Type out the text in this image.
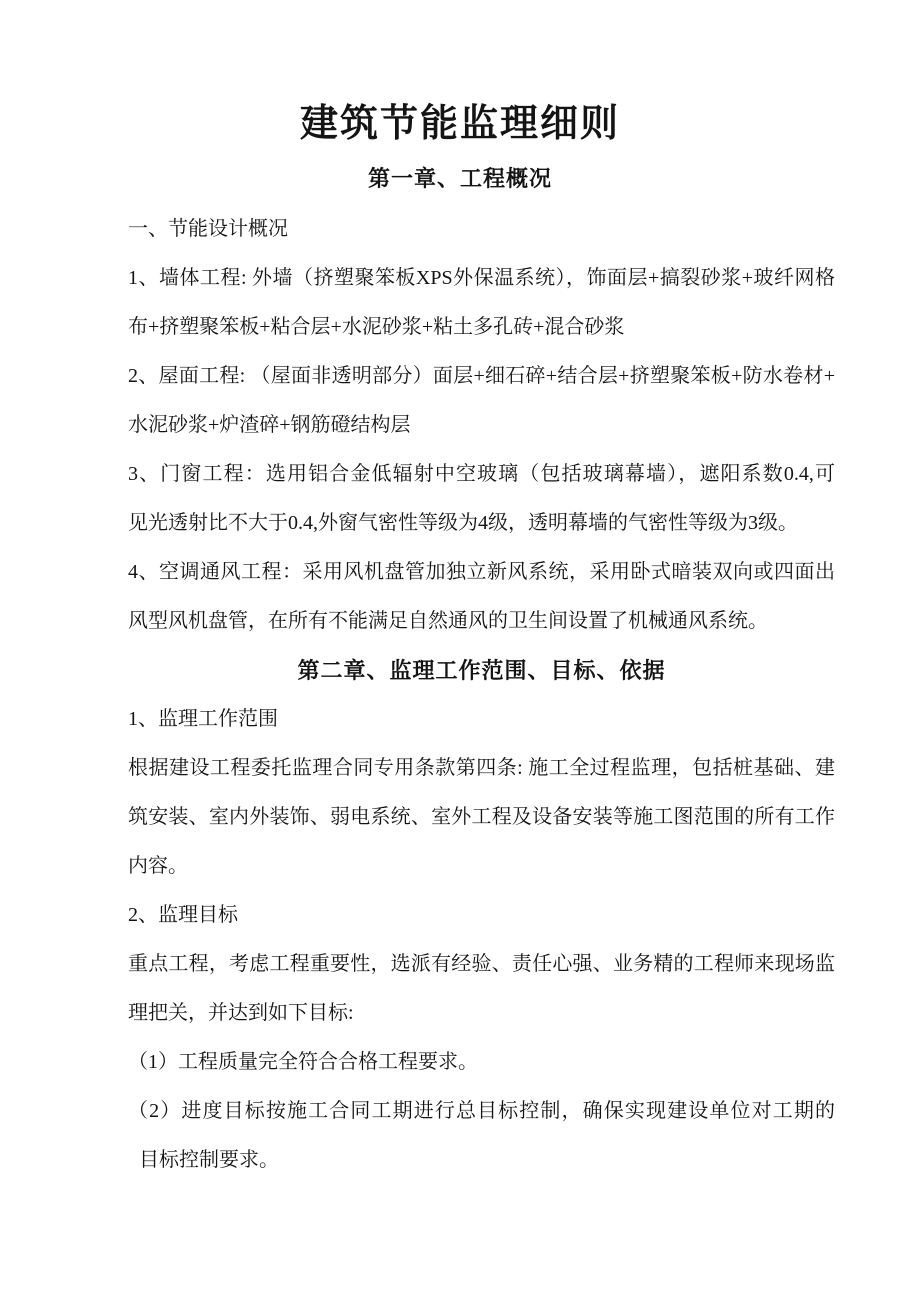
建筑节能监理细则
第一章、工程概况
一、节能设计概况
1、墙体工程: 外墙（挤塑聚笨板XPS外保温系统），饰面层+搞裂砂浆+玻纤网格
布+挤塑聚笨板+粘合层+水泥砂浆+粘土多孔砖+混合砂浆
2、屋面工程: （屋面非透明部分）面层+细石碎+结合层+挤塑聚笨板+防水卷材+
水泥砂浆+炉渣碎+钢筋磴结构层
3、门窗工程：选用铝合金低辐射中空玻璃（包括玻璃幕墙），遮阳系数0.4,可
见光透射比不大于0.4,外窗气密性等级为4级，透明幕墙的气密性等级为3级。
4、空调通风工程：采用风机盘管加独立新风系统，采用卧式暗装双向或四面出
风型风机盘管，在所有不能满足自然通风的卫生间设置了机械通风系统。
第二章、监理工作范围、目标、依据
1、监理工作范围
根据建设工程委托监理合同专用条款第四条: 施工全过程监理，包括桩基础、建
筑安装、室内外装饰、弱电系统、室外工程及设备安装等施工图范围的所有工作
内容。
2、监理目标
重点工程，考虑工程重要性，选派有经验、责任心强、业务精的工程师来现场监
理把关，并达到如下目标:
（1）工程质量完全符合合格工程要求。
（2）进度目标按施工合同工期进行总目标控制，确保实现建设单位对工期的
目标控制要求。
